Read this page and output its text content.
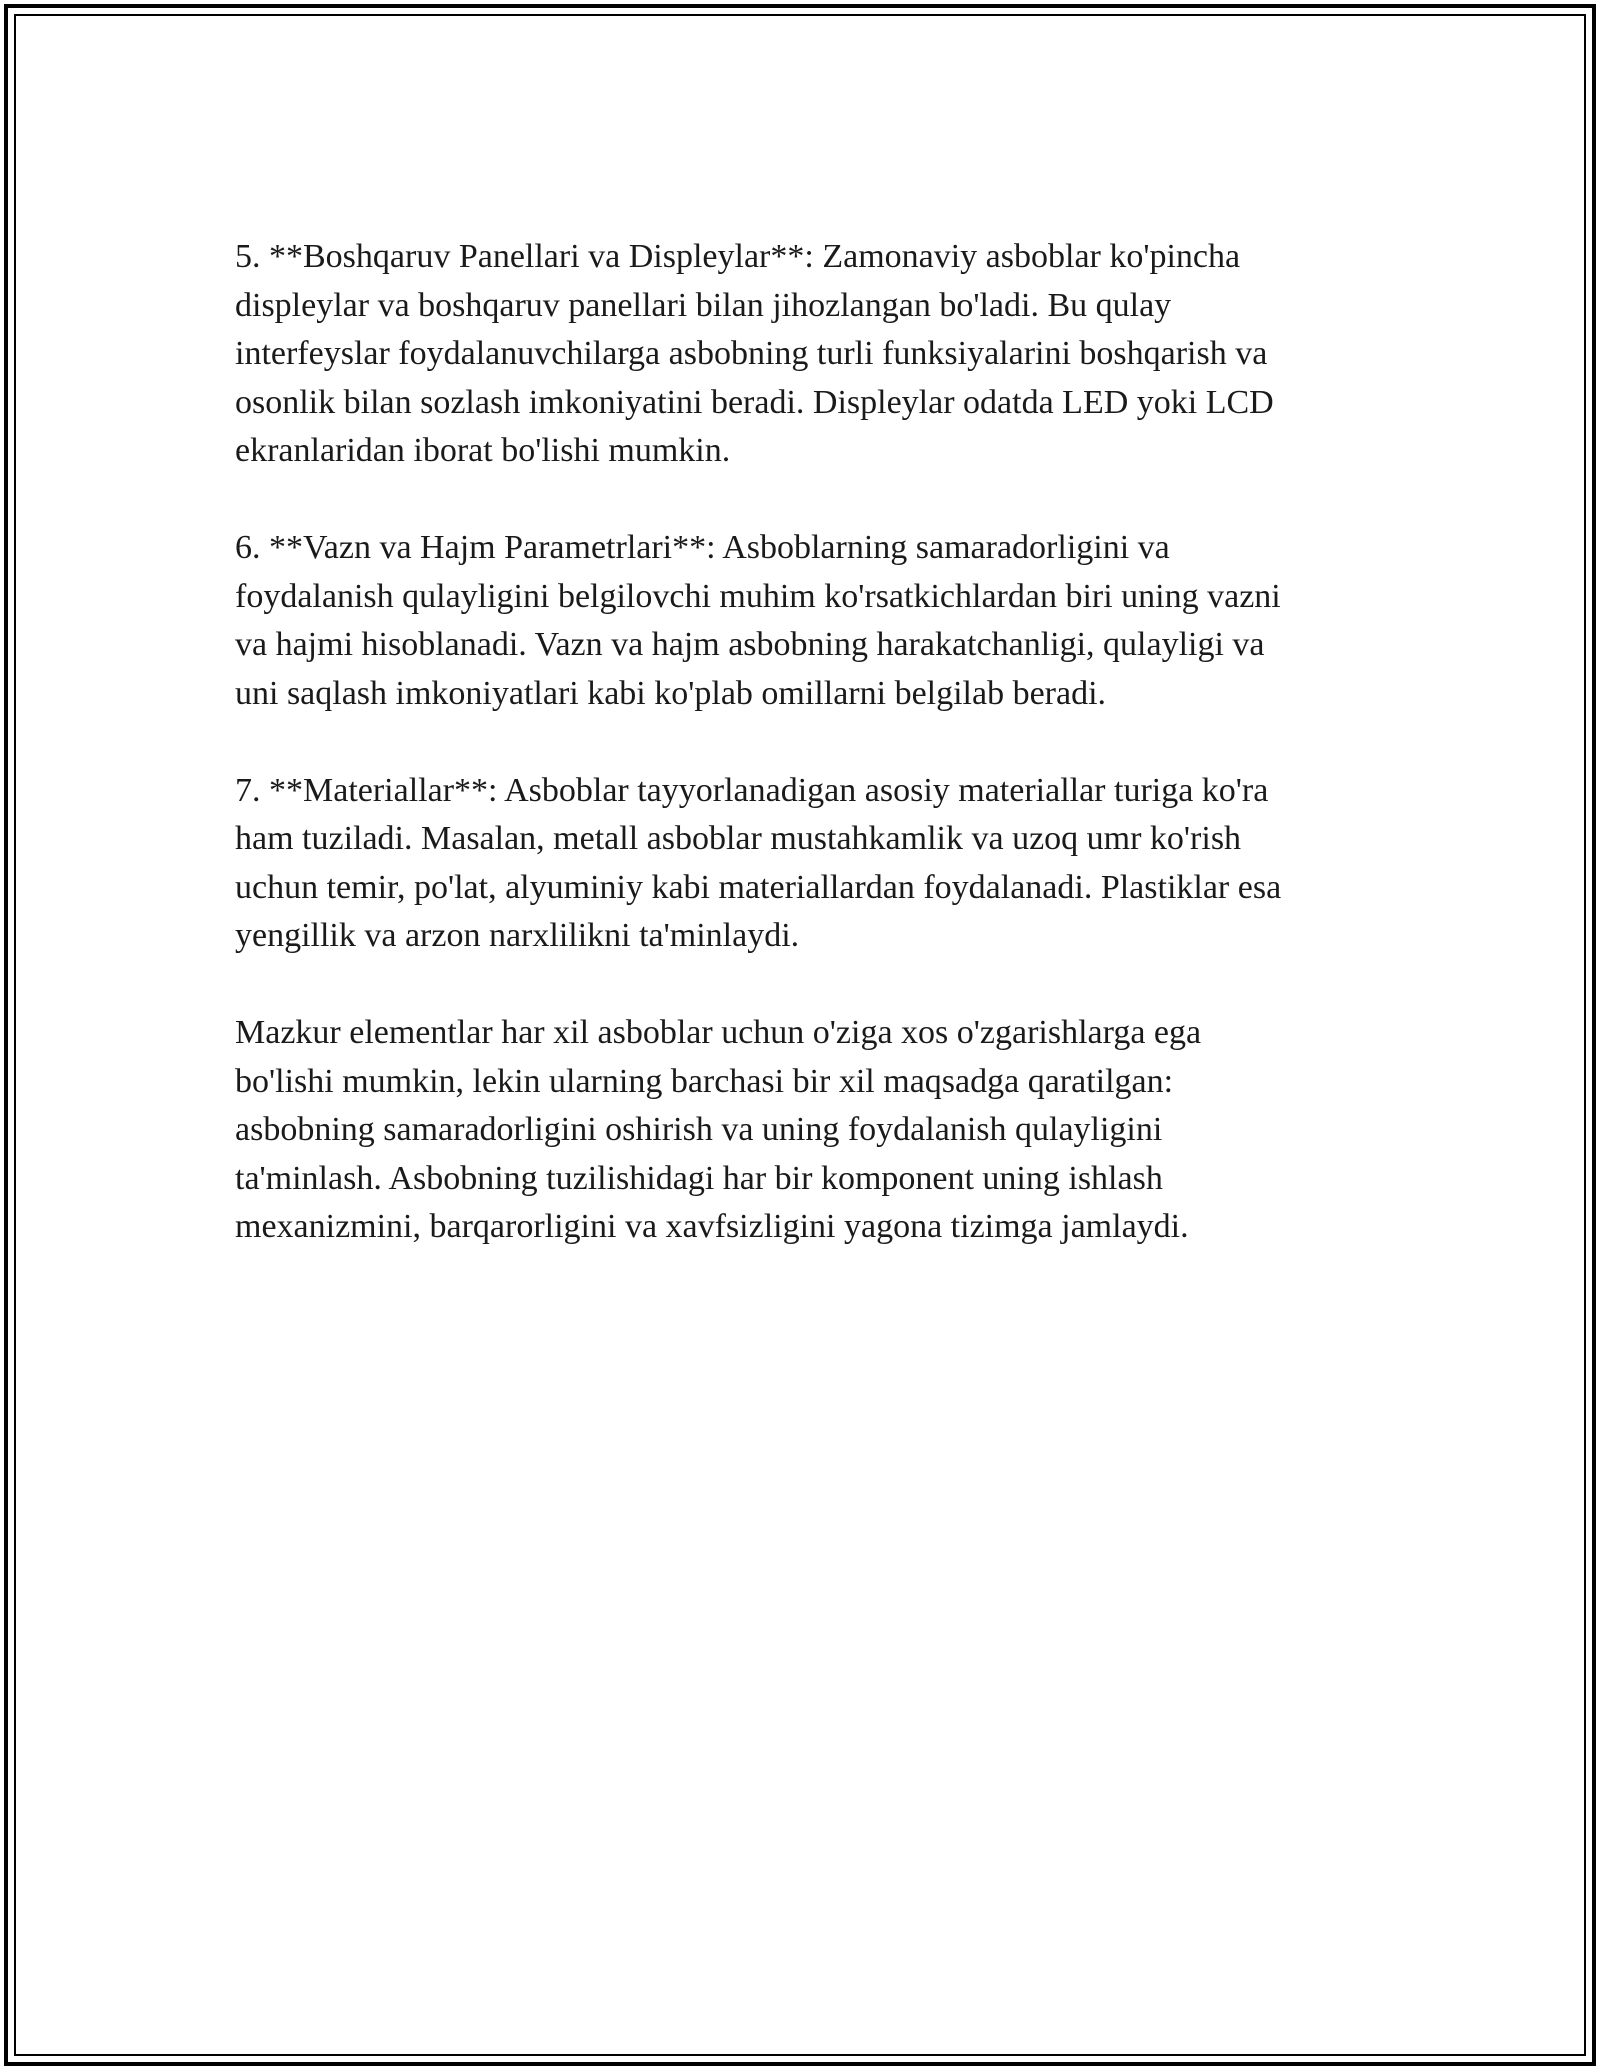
5. **Boshqaruv Panellari va Displeylar**: Zamonaviy asboblar ko'pincha
displeylar va boshqaruv panellari bilan jihozlangan bo'ladi. Bu qulay
interfeyslar foydalanuvchilarga asbobning turli funksiyalarini boshqarish va
osonlik bilan sozlash imkoniyatini beradi. Displeylar odatda LED yoki LCD
ekranlaridan iborat bo'lishi mumkin.

6. **Vazn va Hajm Parametrlari**: Asboblarning samaradorligini va
foydalanish qulayligini belgilovchi muhim ko'rsatkichlardan biri uning vazni
va hajmi hisoblanadi. Vazn va hajm asbobning harakatchanligi, qulayligi va
uni saqlash imkoniyatlari kabi ko'plab omillarni belgilab beradi.

7. **Materiallar**: Asboblar tayyorlanadigan asosiy materiallar turiga ko'ra
ham tuziladi. Masalan, metall asboblar mustahkamlik va uzoq umr ko'rish
uchun temir, po'lat, alyuminiy kabi materiallardan foydalanadi. Plastiklar esa
yengillik va arzon narxlilikni ta'minlaydi.

Mazkur elementlar har xil asboblar uchun o'ziga xos o'zgarishlarga ega
bo'lishi mumkin, lekin ularning barchasi bir xil maqsadga qaratilgan:
asbobning samaradorligini oshirish va uning foydalanish qulayligini
ta'minlash. Asbobning tuzilishidagi har bir komponent uning ishlash
mexanizmini, barqarorligini va xavfsizligini yagona tizimga jamlaydi.
